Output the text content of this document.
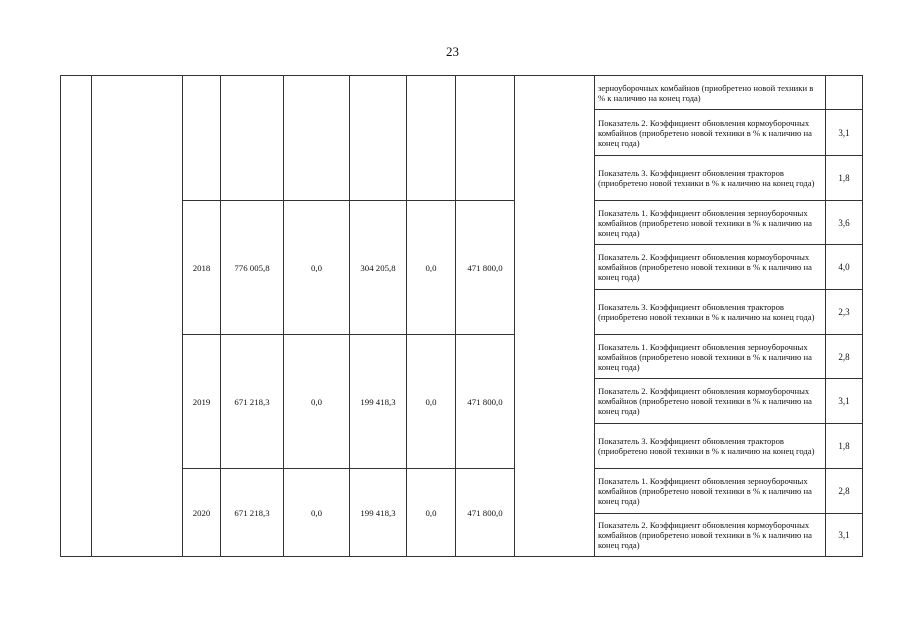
23
									зерноуборочных комбайнов (приобретено новой техники в % к наличию на конец года)	
									Показатель 2. Коэффициент обновления кормоуборочных комбайнов (приобретено новой техники в % к наличию на конец года)	3,1
									Показатель 3. Коэффициент обновления тракторов (приобретено новой техники в % к наличию на конец года)	1,8
		2018	776 005,8	0,0	304 205,8	0,0	471 800,0		Показатель 1. Коэффициент обновления зерноуборочных комбайнов (приобретено новой техники в % к наличию на конец года)	3,6
									Показатель 2. Коэффициент обновления кормоуборочных комбайнов (приобретено новой техники в % к наличию на конец года)	4,0
									Показатель 3. Коэффициент обновления тракторов (приобретено новой техники в % к наличию на конец года)	2,3
		2019	671 218,3	0,0	199 418,3	0,0	471 800,0		Показатель 1. Коэффициент обновления зерноуборочных комбайнов (приобретено новой техники в % к наличию на конец года)	2,8
									Показатель 2. Коэффициент обновления кормоуборочных комбайнов (приобретено новой техники в % к наличию на конец года)	3,1
									Показатель 3. Коэффициент обновления тракторов (приобретено новой техники в % к наличию на конец года)	1,8
		2020	671 218,3	0,0	199 418,3	0,0	471 800,0		Показатель 1. Коэффициент обновления зерноуборочных комбайнов (приобретено новой техники в % к наличию на конец года)	2,8
									Показатель 2. Коэффициент обновления кормоуборочных комбайнов (приобретено новой техники в % к наличию на конец года)	3,1
